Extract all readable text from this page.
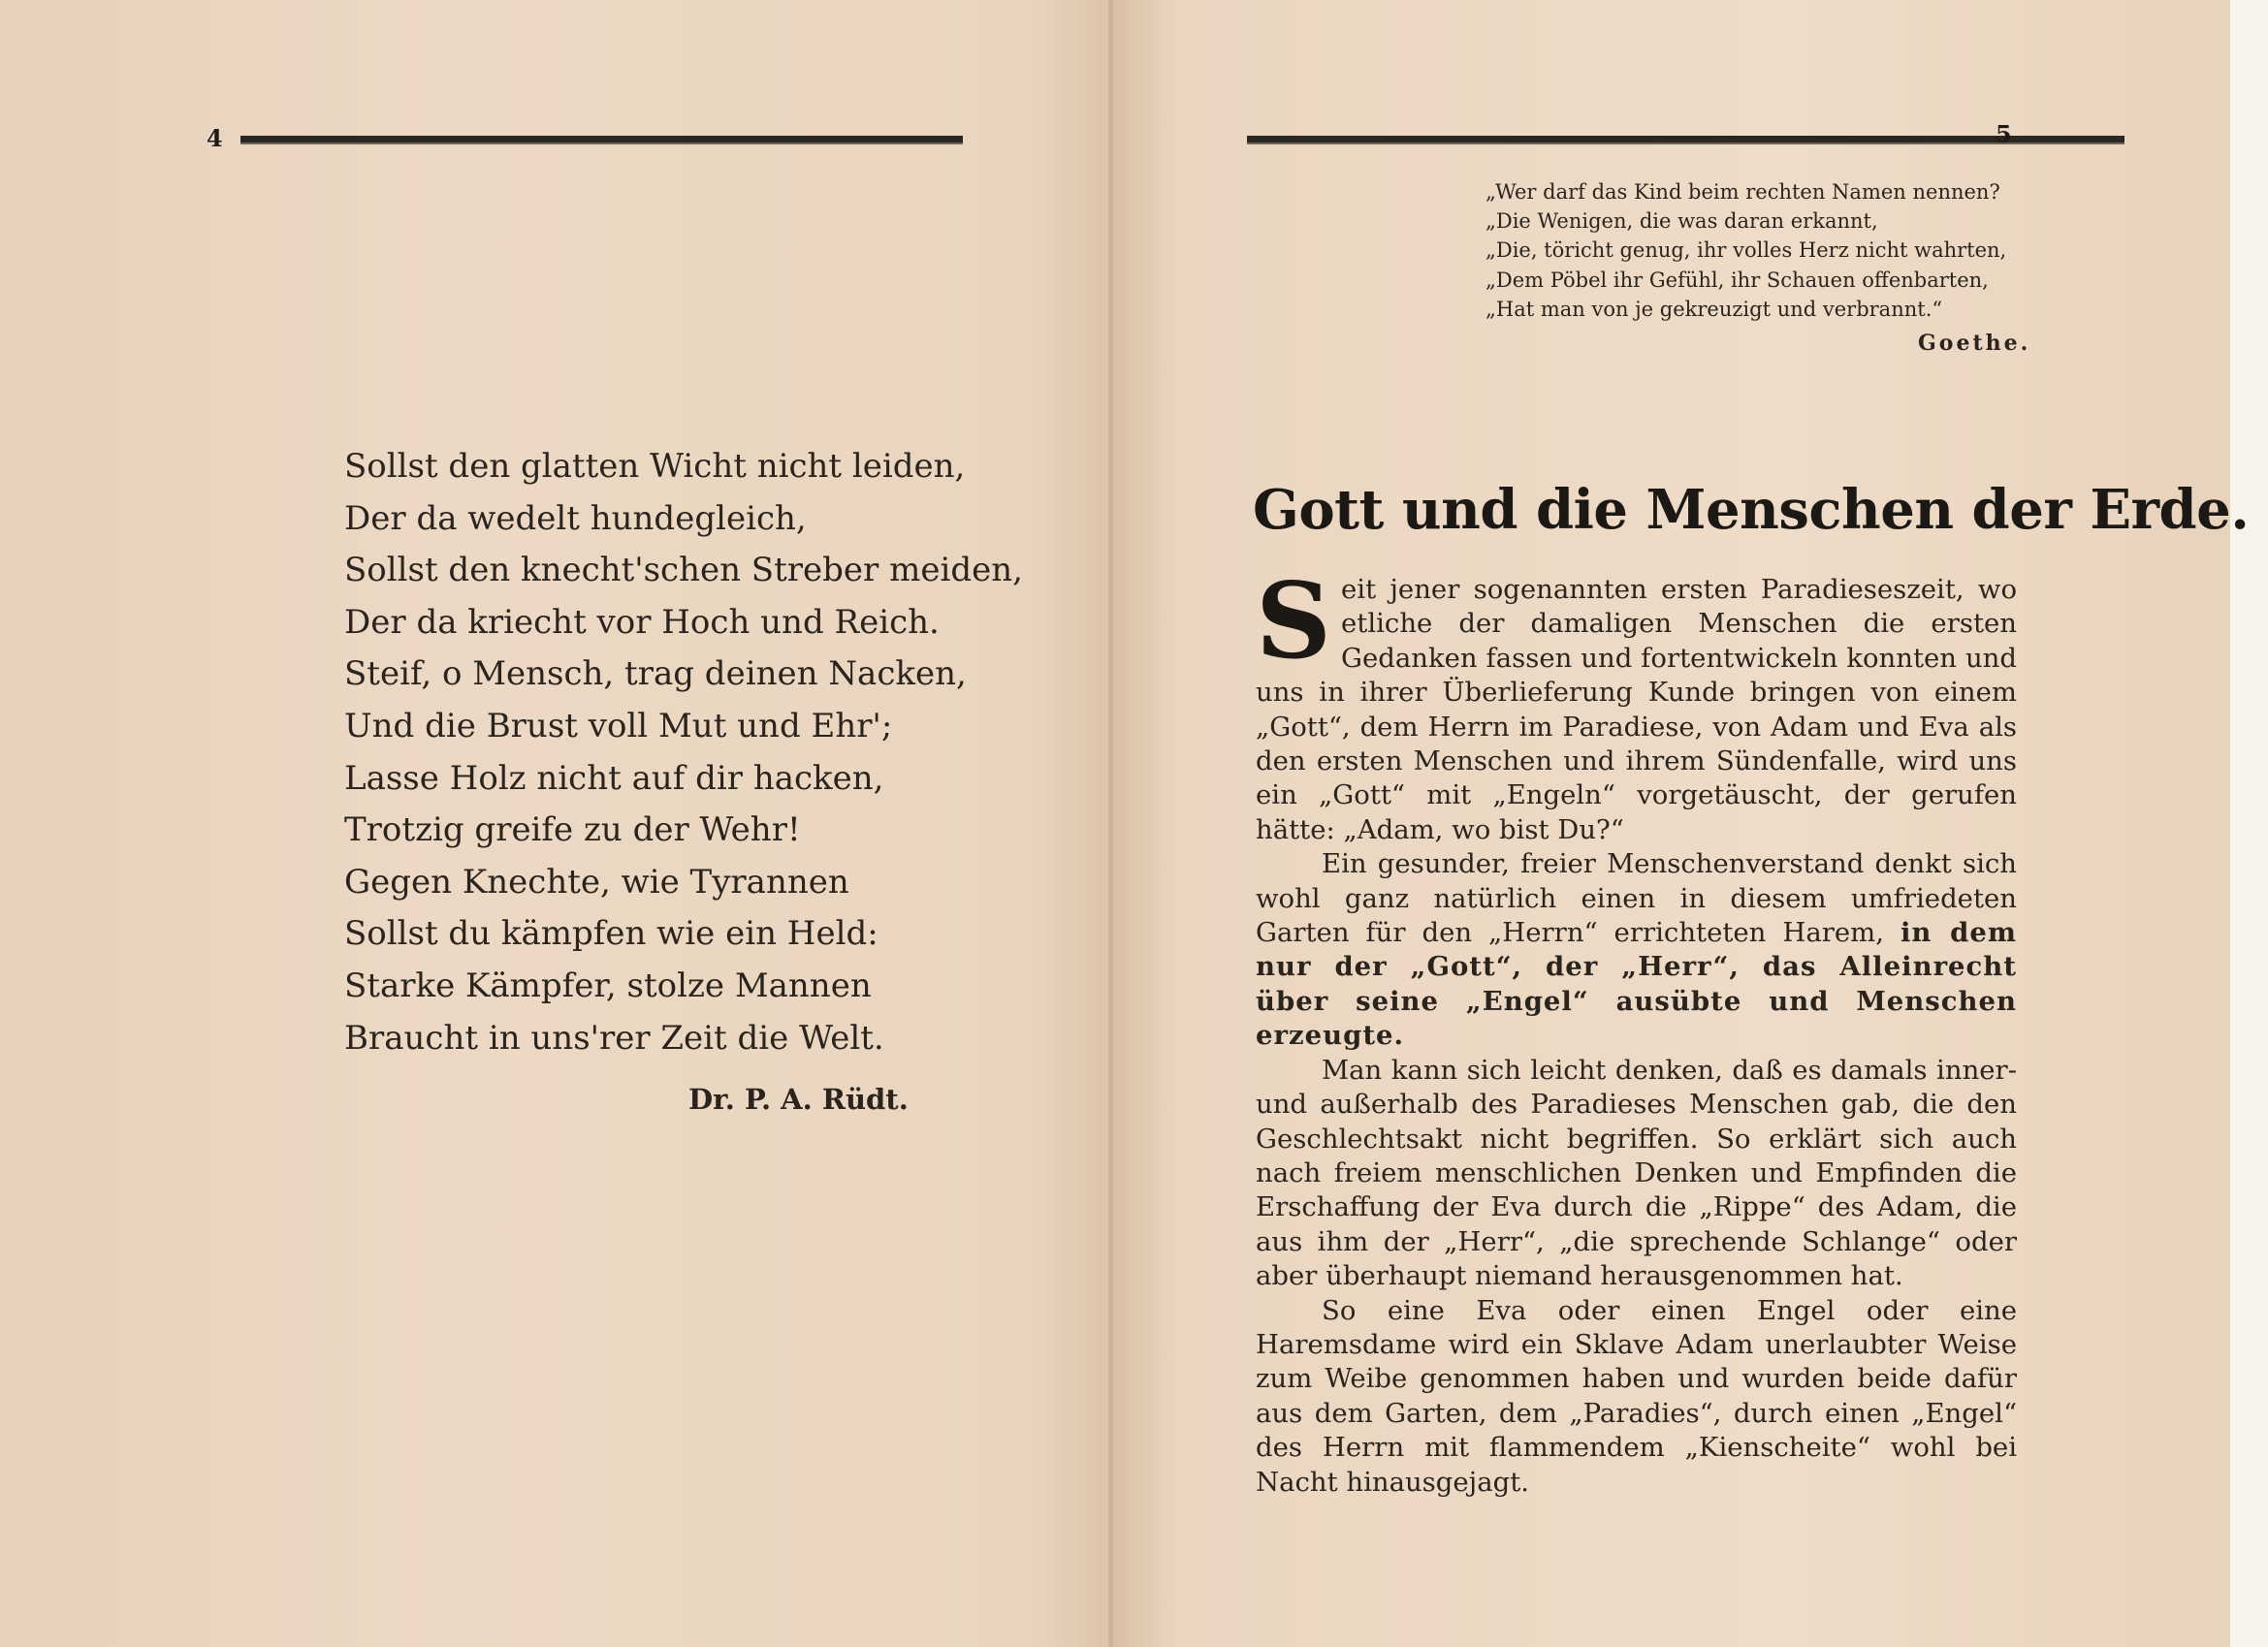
4
Sollst den glatten Wicht nicht leiden,
Der da wedelt hundegleich,
Sollst den knecht'schen Streber meiden,
Der da kriecht vor Hoch und Reich.
Steif, o Mensch, trag deinen Nacken,
Und die Brust voll Mut und Ehr';
Lasse Holz nicht auf dir hacken,
Trotzig greife zu der Wehr!
Gegen Knechte, wie Tyrannen
Sollst du kämpfen wie ein Held:
Starke Kämpfer, stolze Mannen
Braucht in uns'rer Zeit die Welt.
Dr. P. A. Rüdt.
5
„Wer darf das Kind beim rechten Namen nennen?
„Die Wenigen, die was daran erkannt,
„Die, töricht genug, ihr volles Herz nicht wahrten,
„Dem Pöbel ihr Gefühl, ihr Schauen offenbarten,
„Hat man von je gekreuzigt und verbrannt.“
Goethe.
Gott und die Menschen der Erde.

Seit jener sogenannten ersten Paradieseszeit, wo etliche der damaligen Menschen die ersten Gedanken fassen und fortentwickeln konnten und uns in ihrer Überlieferung Kunde bringen von einem „Gott“, dem Herrn im Paradiese, von Adam und Eva als den ersten Menschen und ihrem Sündenfalle, wird uns ein „Gott“ mit „Engeln“ vorgetäuscht, der gerufen hätte: „Adam, wo bist Du?“

Ein gesunder, freier Menschenverstand denkt sich wohl ganz natürlich einen in diesem umfriedeten Garten für den „Herrn“ errichteten Harem, in dem nur der „Gott“, der „Herr“, das Alleinrecht über seine „Engel“ ausübte und Menschen erzeugte.

Man kann sich leicht denken, daß es damals inner- und außerhalb des Paradieses Menschen gab, die den Geschlechtsakt nicht begriffen. So erklärt sich auch nach freiem menschlichen Denken und Empfinden die Erschaffung der Eva durch die „Rippe“ des Adam, die aus ihm der „Herr“, „die sprechende Schlange“ oder aber überhaupt niemand herausgenommen hat.

So eine Eva oder einen Engel oder eine Haremsdame wird ein Sklave Adam unerlaubter Weise zum Weibe genommen haben und wurden beide dafür aus dem Garten, dem „Paradies“, durch einen „Engel“ des Herrn mit flammendem „Kienscheite“ wohl bei Nacht hinausgejagt.
